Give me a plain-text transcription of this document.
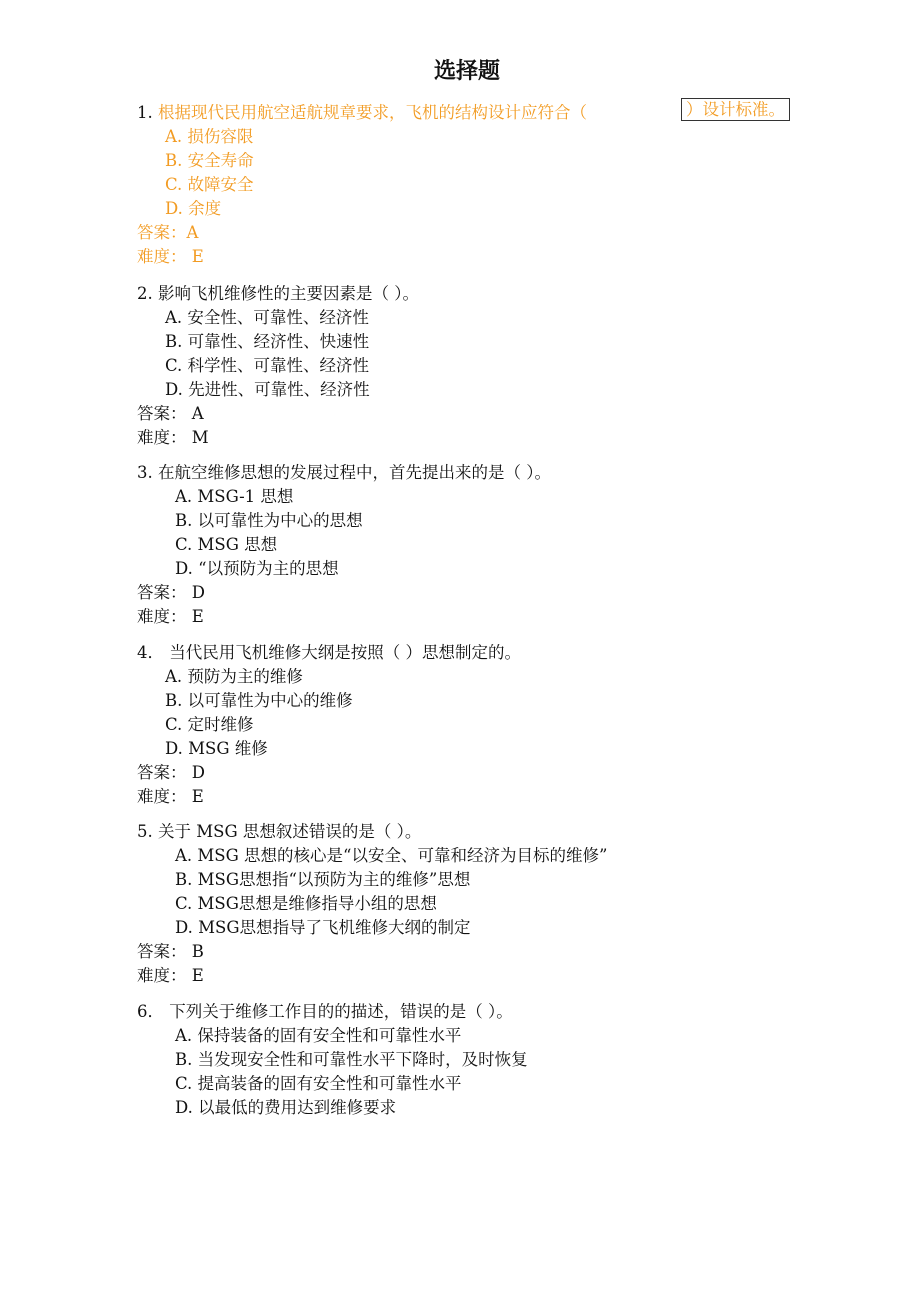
选择题
1. 根据现代民用航空适航规章要求，飞机的结构设计应符合（	）设计标准。
A. 损伤容限
B. 安全寿命
C. 故障安全
D. 余度
答案：A
难度： E
2. 影响飞机维修性的主要因素是（ ）。
A. 安全性、可靠性、经济性
B. 可靠性、经济性、快速性
C. 科学性、可靠性、经济性
D. 先进性、可靠性、经济性
答案： A
难度： M
3. 在航空维修思想的发展过程中，首先提出来的是（ ）。
A. MSG-1 思想
B. 以可靠性为中心的思想
C. MSG 思想
D. “以预防为主的思想
答案： D
难度： E
4． 当代民用飞机维修大纲是按照（ ）思想制定的。
A. 预防为主的维修
B. 以可靠性为中心的维修
C. 定时维修
D. MSG 维修
答案： D
难度： E
5. 关于 MSG 思想叙述错误的是（ ）。
A. MSG 思想的核心是“以安全、可靠和经济为目标的维修”
B. MSG思想指“以预防为主的维修”思想
C. MSG思想是维修指导小组的思想
D. MSG思想指导了飞机维修大纲的制定
答案： B
难度： E
6． 下列关于维修工作目的的描述，错误的是（ ）。
A. 保持装备的固有安全性和可靠性水平
B. 当发现安全性和可靠性水平下降时，及时恢复
C. 提高装备的固有安全性和可靠性水平
D. 以最低的费用达到维修要求
